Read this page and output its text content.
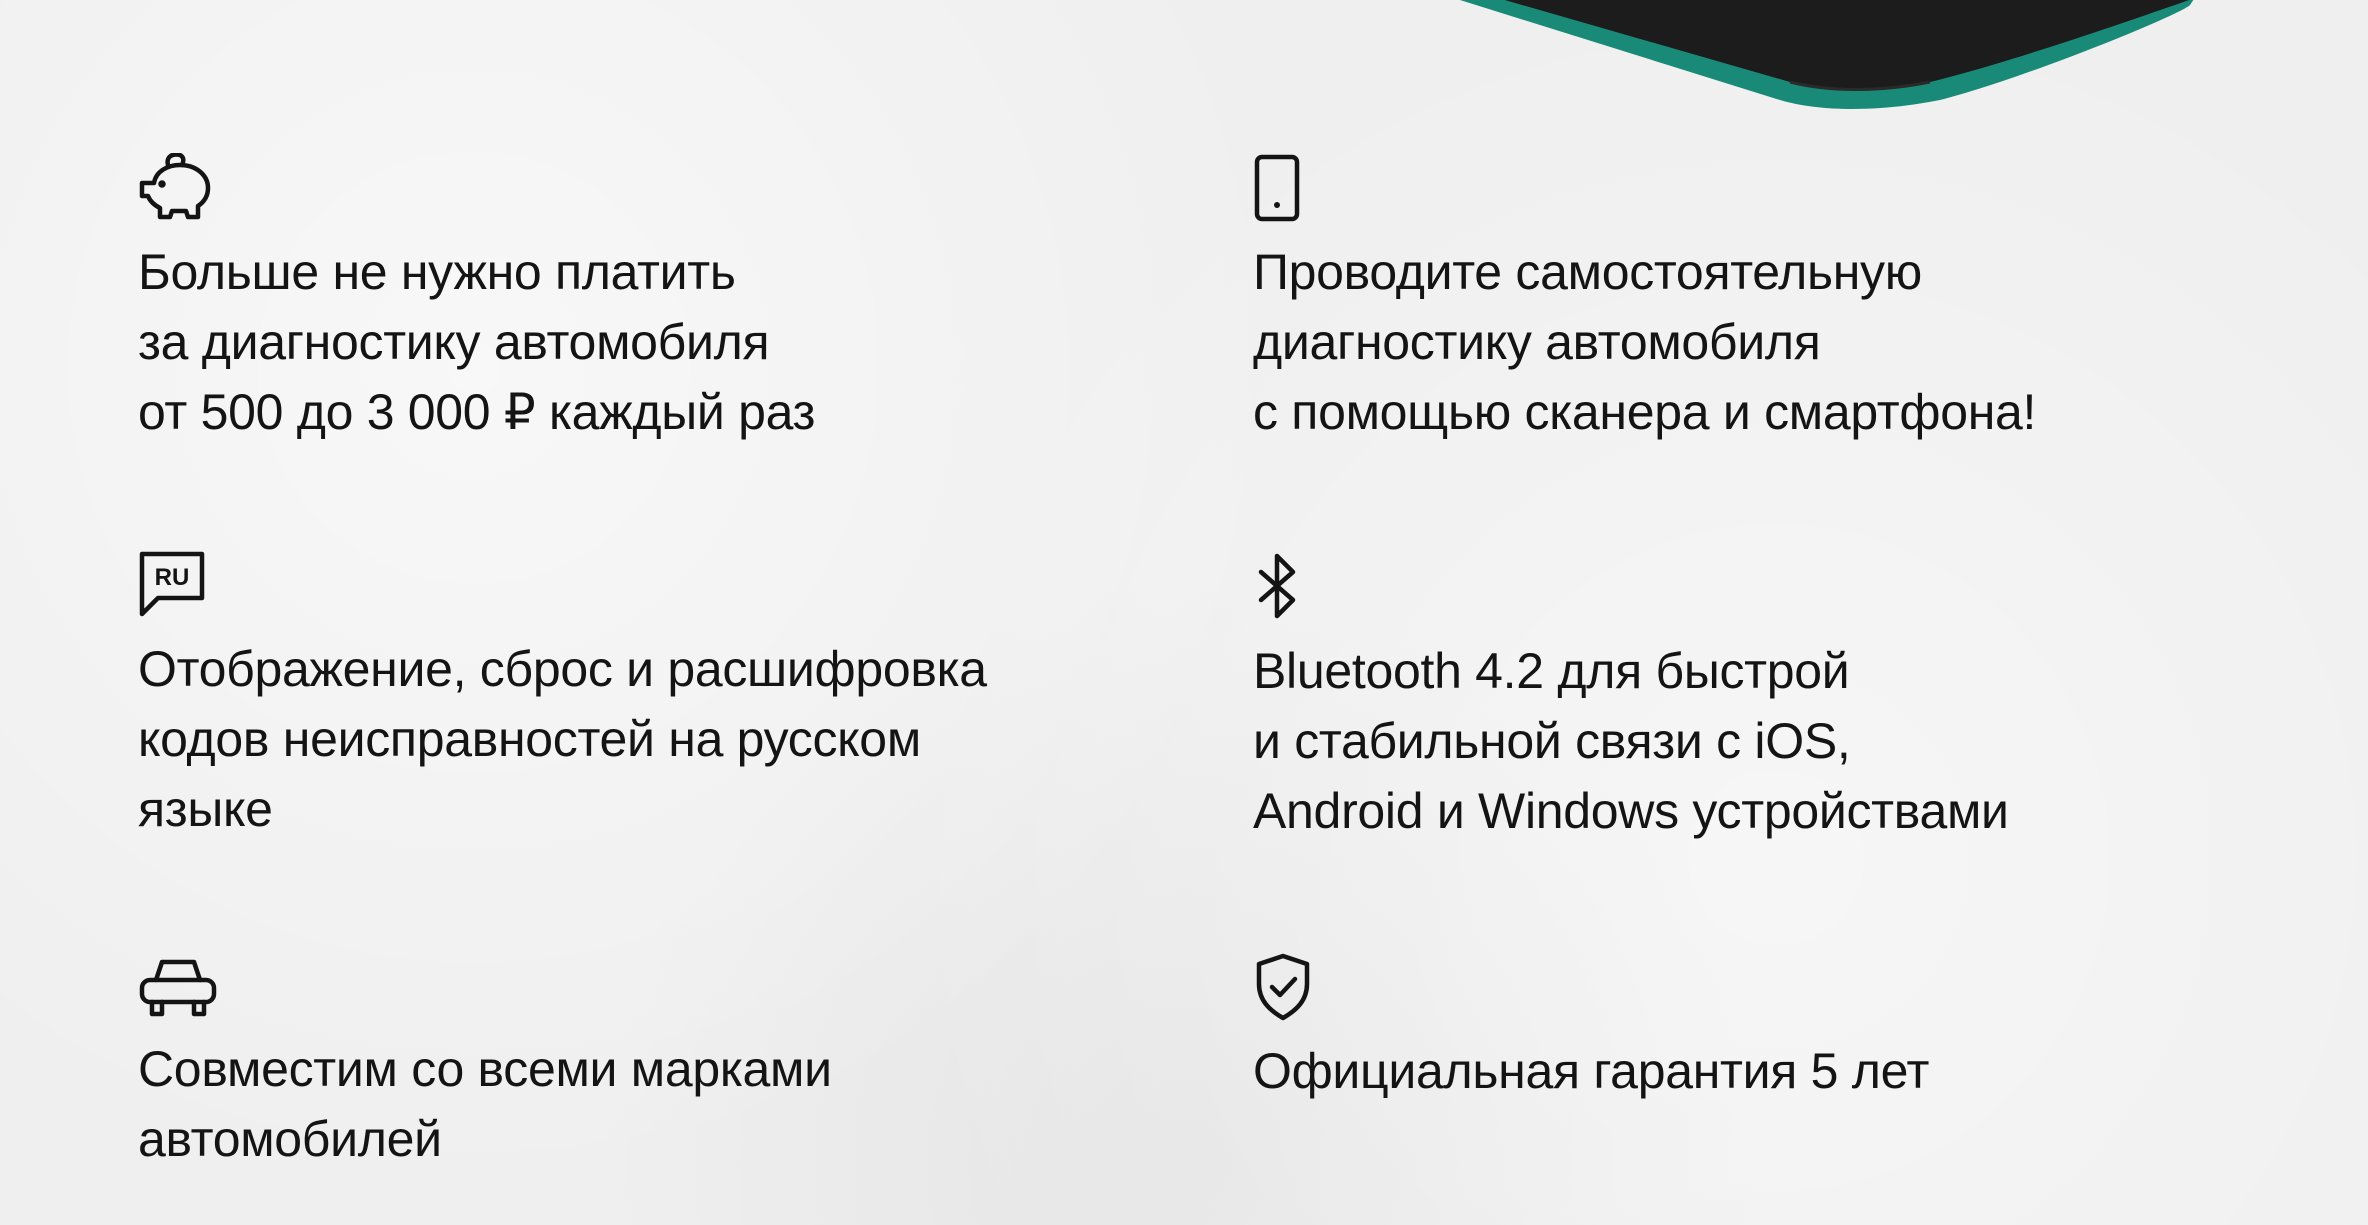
Больше не нужно платить
за диагностику автомобиля
от 500 до 3 000 ₽ каждый раз
Проводите самостоятельную
диагностику автомобиля
с помощью сканера и смартфона!
RU
Отображение, сброс и расшифровка
кодов неисправностей на русском
языке
Bluetooth 4.2 для быстрой
и стабильной связи с iOS,
Android и Windows устройствами
Совместим со всеми марками
автомобилей
Официальная гарантия 5 лет
